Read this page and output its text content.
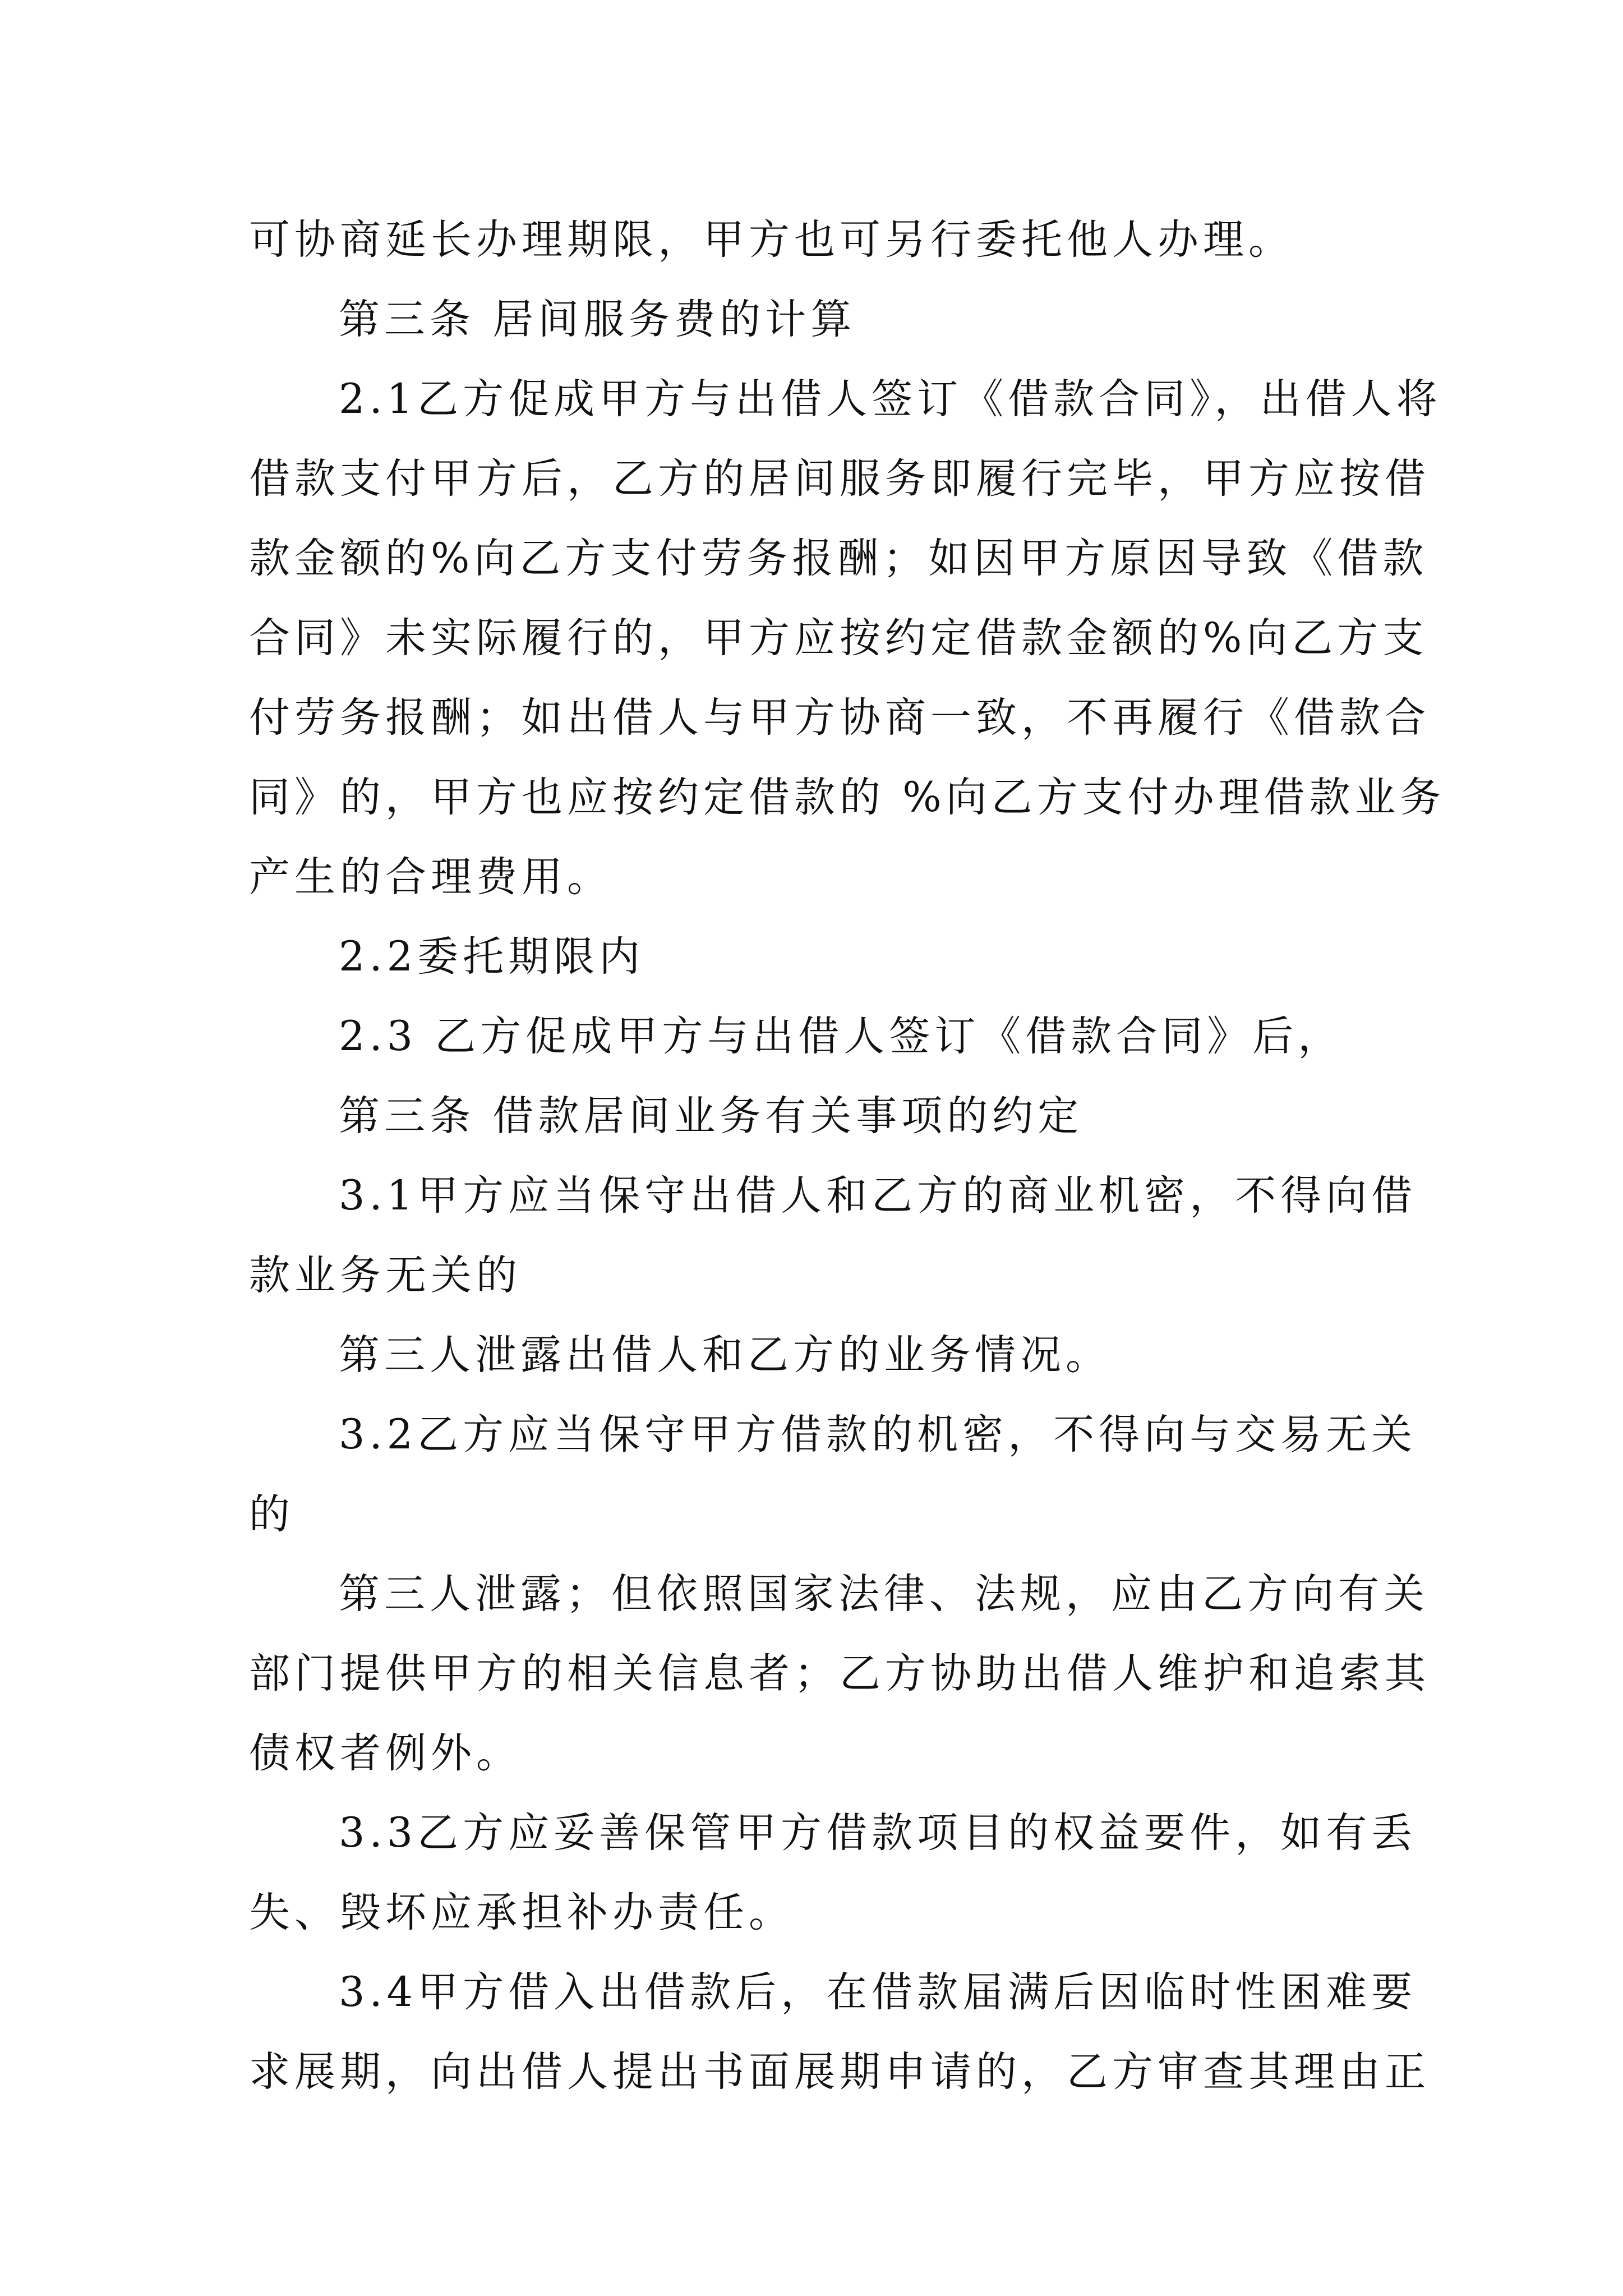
可协商延长办理期限，甲方也可另行委托他人办理。

第三条 居间服务费的计算

2.1乙方促成甲方与出借人签订《借款合同》，出借人将

借款支付甲方后，乙方的居间服务即履行完毕，甲方应按借

款金额的%向乙方支付劳务报酬；如因甲方原因导致《借款

合同》未实际履行的，甲方应按约定借款金额的%向乙方支

付劳务报酬；如出借人与甲方协商一致，不再履行《借款合

同》的，甲方也应按约定借款的 %向乙方支付办理借款业务

产生的合理费用。

2.2委托期限内

2.3 乙方促成甲方与出借人签订《借款合同》后，

第三条 借款居间业务有关事项的约定

3.1甲方应当保守出借人和乙方的商业机密，不得向借

款业务无关的

第三人泄露出借人和乙方的业务情况。

3.2乙方应当保守甲方借款的机密，不得向与交易无关

的

第三人泄露；但依照国家法律、法规，应由乙方向有关

部门提供甲方的相关信息者；乙方协助出借人维护和追索其

债权者例外。

3.3乙方应妥善保管甲方借款项目的权益要件，如有丢

失、毁坏应承担补办责任。

3.4甲方借入出借款后，在借款届满后因临时性困难要

求展期，向出借人提出书面展期申请的，乙方审查其理由正
